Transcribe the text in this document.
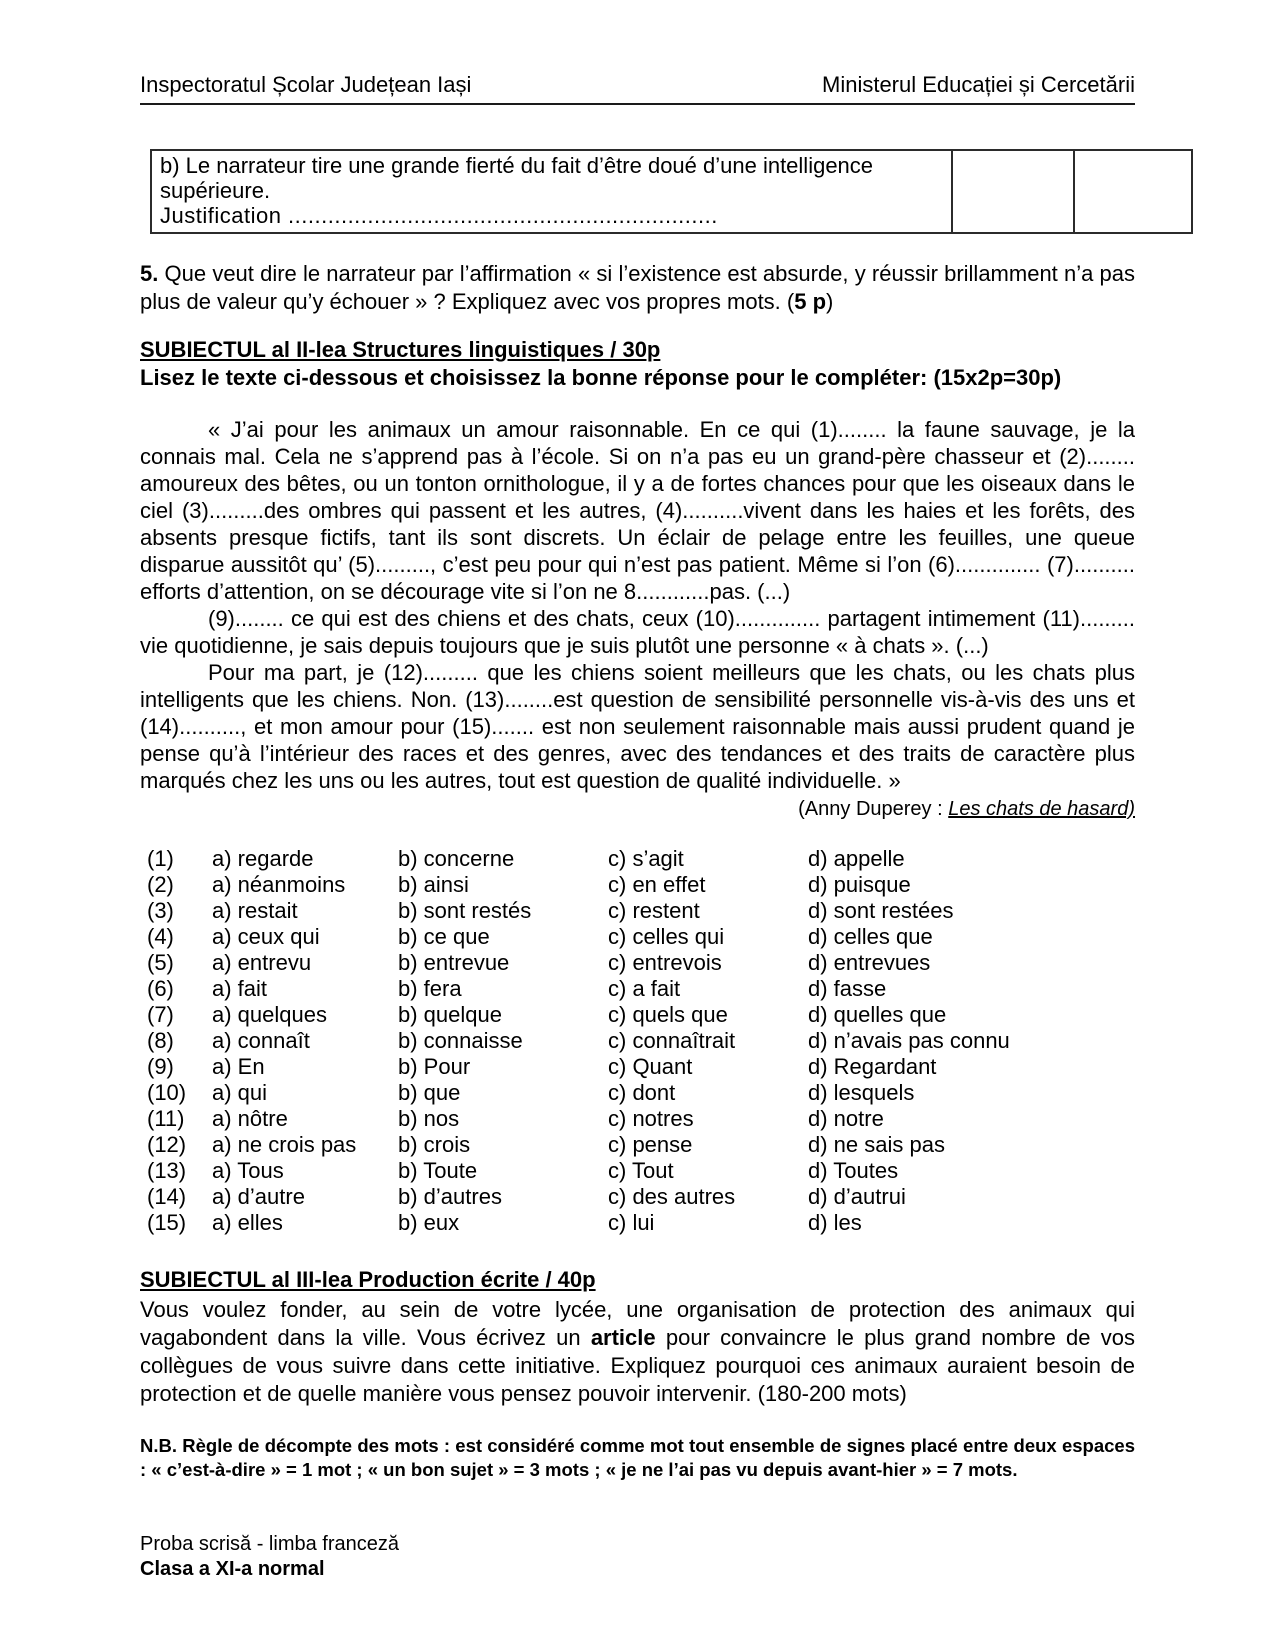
Inspectoratul Școlar Județean Iași	Ministerul Educației și Cercetării
b) Le narrateur tire une grande fierté du fait d’être doué d’une intelligence supérieure.
Justification .................................................................

5. Que veut dire le narrateur par l’affirmation « si l’existence est absurde, y réussir brillamment n’a pas plus de valeur qu’y échouer » ? Expliquez avec vos propres mots. (5 p)

SUBIECTUL al II-lea Structures linguistiques / 30p

Lisez le texte ci-dessous et choisissez la bonne réponse pour le compléter: (15x2p=30p)

« J’ai pour les animaux un amour raisonnable. En ce qui (1)........ la faune sauvage, je la connais mal. Cela ne s’apprend pas à l’école. Si on n’a pas eu un grand-père chasseur et (2)........ amoureux des bêtes, ou un tonton ornithologue, il y a de fortes chances pour que les oiseaux dans le ciel (3).........des ombres qui passent et les autres, (4)..........vivent dans les haies et les forêts, des absents presque fictifs, tant ils sont discrets. Un éclair de pelage entre les feuilles, une queue disparue aussitôt qu’ (5)........., c’est peu pour qui n’est pas patient. Même si l’on (6).............. (7).......... efforts d’attention, on se décourage vite si l’on ne 8............pas. (...)

(9)........ ce qui est des chiens et des chats, ceux (10).............. partagent intimement (11)......... vie quotidienne, je sais depuis toujours que je suis plutôt une personne « à chats ». (...)

Pour ma part, je (12)......... que les chiens soient meilleurs que les chats, ou les chats plus intelligents que les chiens. Non. (13)........est question de sensibilité personnelle vis-à-vis des uns et (14).........., et mon amour pour (15)....... est non seulement raisonnable mais aussi prudent quand je pense qu’à l’intérieur des races et des genres, avec des tendances et des traits de caractère plus marqués chez les uns ou les autres, tout est question de qualité individuelle. »

(Anny Duperey : Les chats de hasard)

(1)	a) regarde	b) concerne	c) s’agit	d) appelle
(2)	a) néanmoins	b) ainsi	c) en effet	d) puisque
(3)	a) restait	b) sont restés	c) restent	d) sont restées
(4)	a) ceux qui	b) ce que	c) celles qui	d) celles que
(5)	a) entrevu	b) entrevue	c) entrevois	d) entrevues
(6)	a) fait	b) fera	c) a fait	d) fasse
(7)	a) quelques	b) quelque	c) quels que	d) quelles que
(8)	a) connaît	b) connaisse	c) connaîtrait	d) n’avais pas connu
(9)	a) En	b) Pour	c) Quant	d) Regardant
(10)	a) qui	b) que	c) dont	d) lesquels
(11)	a) nôtre	b) nos	c) notres	d) notre
(12)	a) ne crois pas	b) crois	c) pense	d) ne sais pas
(13)	a) Tous	b) Toute	c) Tout	d) Toutes
(14)	a) d’autre	b) d’autres	c) des autres	d) d’autrui
(15)	a) elles	b) eux	c) lui	d) les

SUBIECTUL al III-lea Production écrite / 40p

Vous voulez fonder, au sein de votre lycée, une organisation de protection des animaux qui vagabondent dans la ville. Vous écrivez un article pour convaincre le plus grand nombre de vos collègues de vous suivre dans cette initiative. Expliquez pourquoi ces animaux auraient besoin de protection et de quelle manière vous pensez pouvoir intervenir. (180-200 mots)

N.B. Règle de décompte des mots : est considéré comme mot tout ensemble de signes placé entre deux espaces : « c’est-à-dire » = 1 mot ; « un bon sujet » = 3 mots ; « je ne l’ai pas vu depuis avant-hier » = 7 mots.

Proba scrisă - limba franceză
Clasa a XI-a normal
